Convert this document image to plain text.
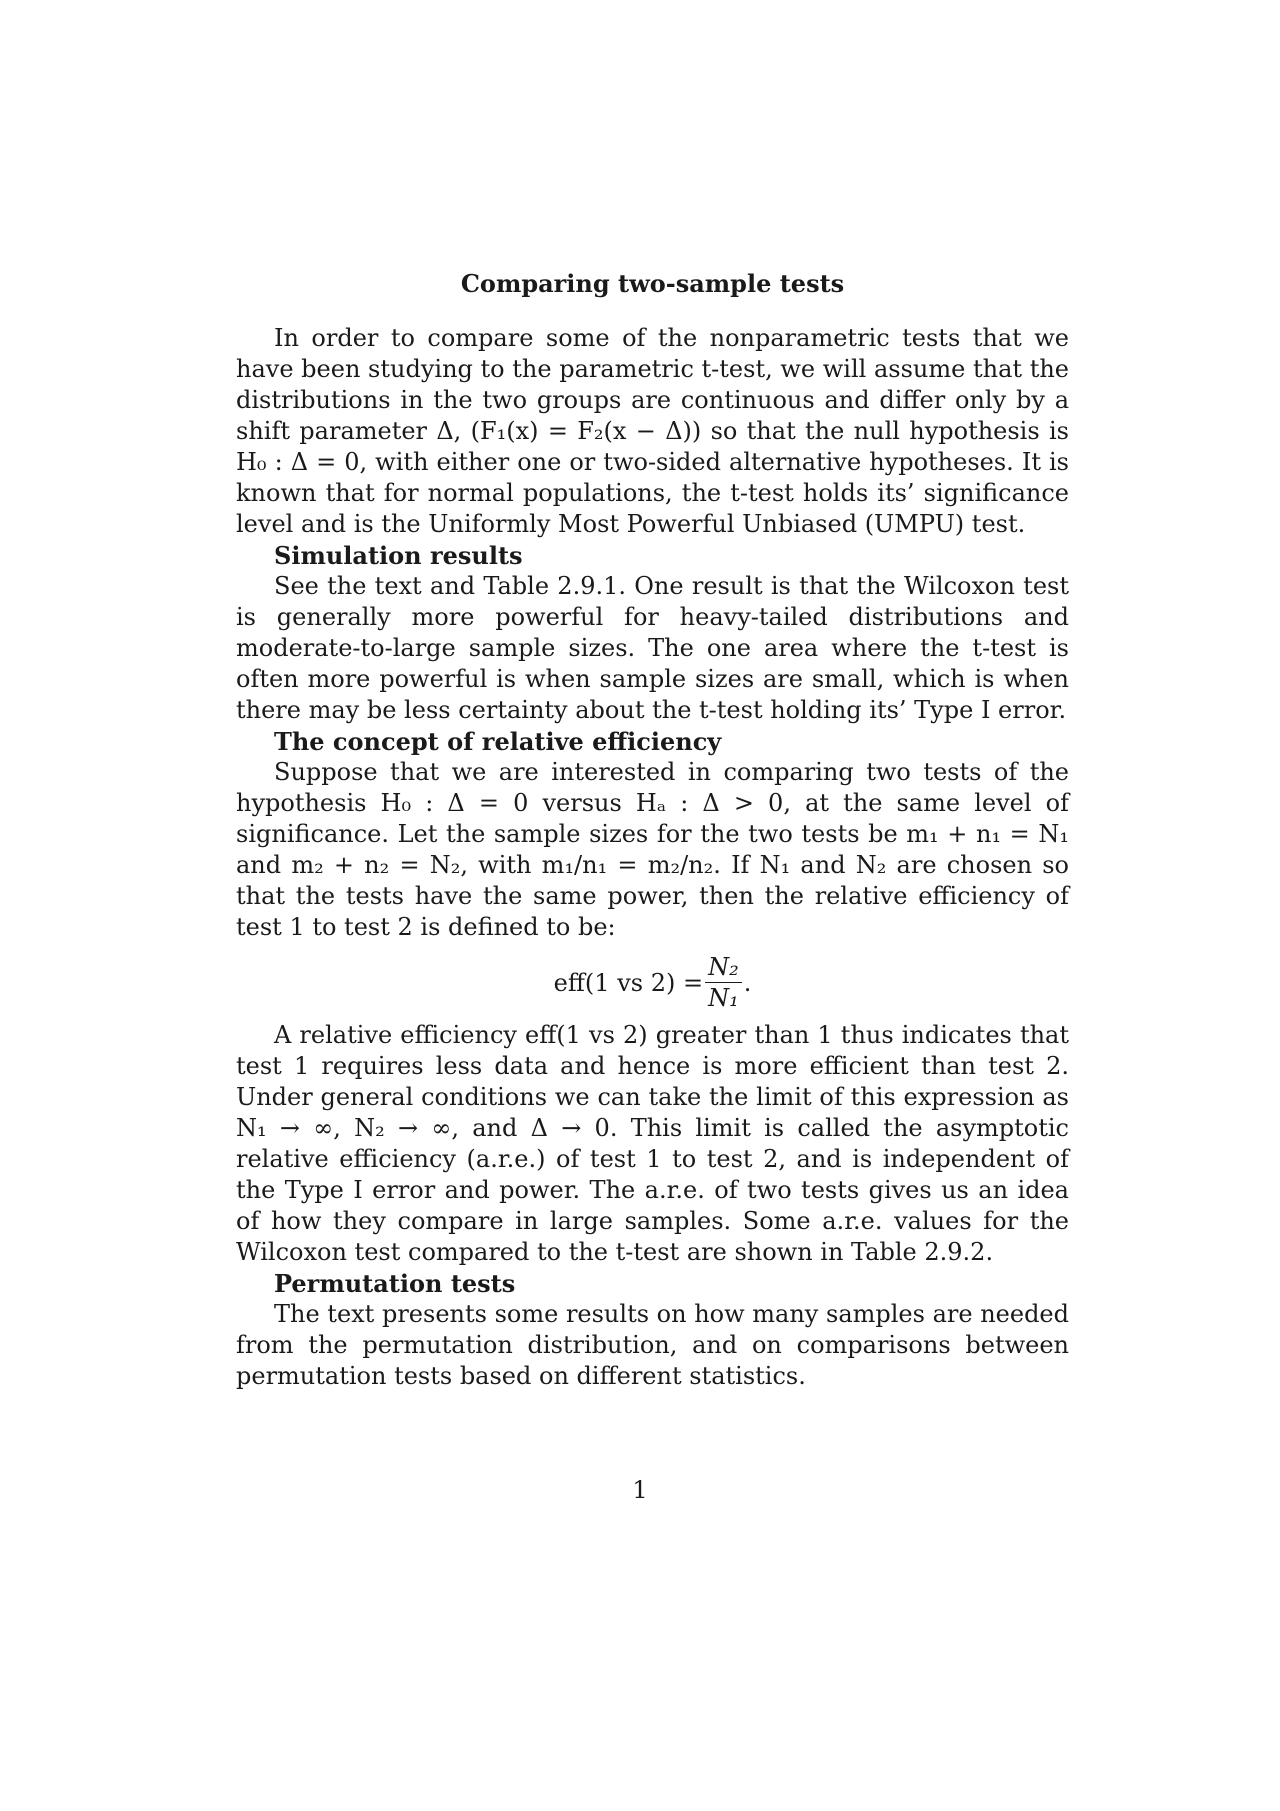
Comparing two-sample tests

In order to compare some of the nonparametric tests that we have been studying to the parametric t-test, we will assume that the distributions in the two groups are continuous and differ only by a shift parameter Δ, (F₁(x) = F₂(x − Δ)) so that the null hypothesis is H₀ : Δ = 0, with either one or two-sided alternative hypotheses. It is known that for normal populations, the t-test holds its’ significance level and is the Uniformly Most Powerful Unbiased (UMPU) test.

Simulation results

See the text and Table 2.9.1. One result is that the Wilcoxon test is generally more powerful for heavy-tailed distributions and moderate-to-large sample sizes. The one area where the t-test is often more powerful is when sample sizes are small, which is when there may be less certainty about the t-test holding its’ Type I error.

The concept of relative efficiency

Suppose that we are interested in comparing two tests of the hypothesis H₀ : Δ = 0 versus Hₐ : Δ > 0, at the same level of significance. Let the sample sizes for the two tests be m₁ + n₁ = N₁ and m₂ + n₂ = N₂, with m₁/n₁ = m₂/n₂. If N₁ and N₂ are chosen so that the tests have the same power, then the relative efficiency of test 1 to test 2 is defined to be:

eff(1 vs $2) = \frac{\text{N₂}}{\text{N₁}}$ .

A relative efficiency eff(1 vs 2) greater than 1 thus indicates that test 1 requires less data and hence is more efficient than test 2. Under general conditions we can take the limit of this expression as N₁ → ∞, N₂ → ∞, and Δ → 0. This limit is called the asymptotic relative efficiency (a.r.e.) of test 1 to test 2, and is independent of the Type I error and power. The a.r.e. of two tests gives us an idea of how they compare in large samples. Some a.r.e. values for the Wilcoxon test compared to the t-test are shown in Table 2.9.2.

Permutation tests

The text presents some results on how many samples are needed from the permutation distribution, and on comparisons between permutation tests based on different statistics.

1
